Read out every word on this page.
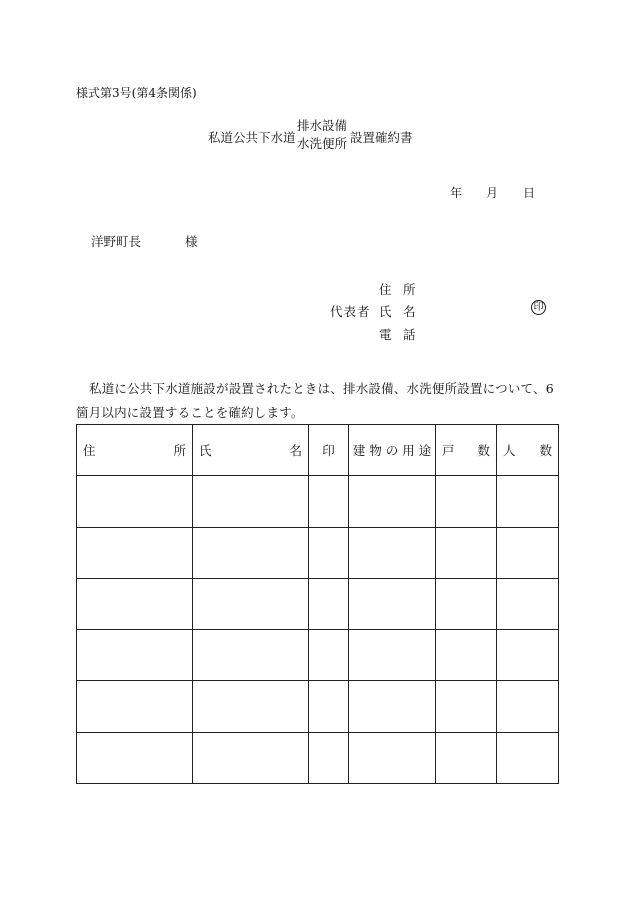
様式第3号(第4条関係)
私道公共下水道
排水設備
水洗便所 設置確約書
年 月 日
洋野町長	様
住 所
代表者 氏 名
電 話
印
私道に公共下水道施設が設置されたときは、排水設備、水洗便所設置について、6箇月以内に設置することを確約します。
住 所	氏 名	印	建 物 の 用 途	戸 数	人 数
